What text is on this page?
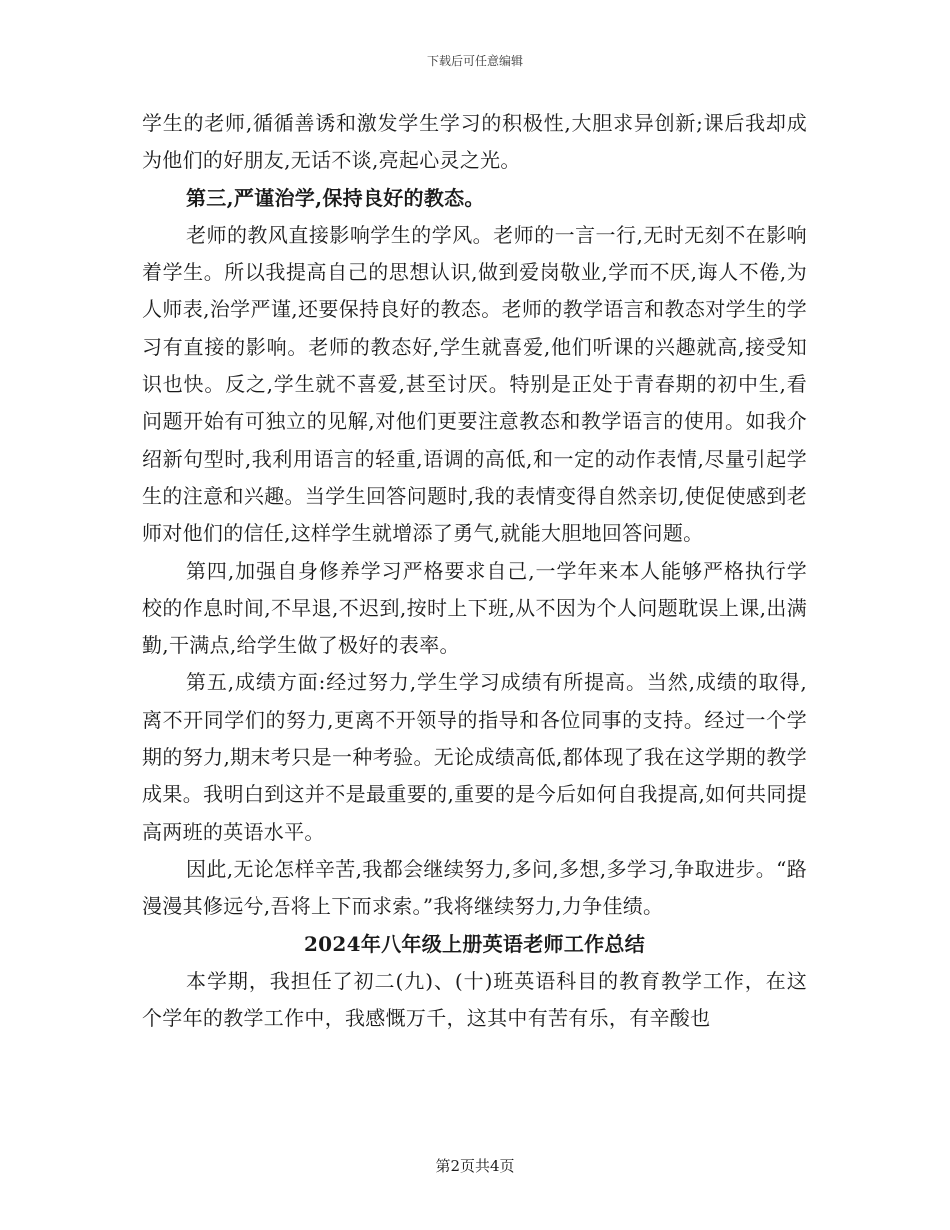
下载后可任意编辑

学生的老师,循循善诱和激发学生学习的积极性,大胆求异创新;课后我却成为他们的好朋友,无话不谈,亮起心灵之光。

第三,严谨治学,保持良好的教态。

老师的教风直接影响学生的学风。老师的一言一行,无时无刻不在影响着学生。所以我提高自己的思想认识,做到爱岗敬业,学而不厌,诲人不倦,为人师表,治学严谨,还要保持良好的教态。老师的教学语言和教态对学生的学习有直接的影响。老师的教态好,学生就喜爱,他们听课的兴趣就高,接受知识也快。反之,学生就不喜爱,甚至讨厌。特别是正处于青春期的初中生,看问题开始有可独立的见解,对他们更要注意教态和教学语言的使用。如我介绍新句型时,我利用语言的轻重,语调的高低,和一定的动作表情,尽量引起学生的注意和兴趣。当学生回答问题时,我的表情变得自然亲切,使促使感到老师对他们的信任,这样学生就增添了勇气,就能大胆地回答问题。

第四,加强自身修养学习严格要求自己,一学年来本人能够严格执行学校的作息时间,不早退,不迟到,按时上下班,从不因为个人问题耽误上课,出满勤,干满点,给学生做了极好的表率。

第五,成绩方面:经过努力,学生学习成绩有所提高。当然,成绩的取得,离不开同学们的努力,更离不开领导的指导和各位同事的支持。经过一个学期的努力,期末考只是一种考验。无论成绩高低,都体现了我在这学期的教学成果。我明白到这并不是最重要的,重要的是今后如何自我提高,如何共同提高两班的英语水平。

因此,无论怎样辛苦,我都会继续努力,多问,多想,多学习,争取进步。“路漫漫其修远兮,吾将上下而求索。”我将继续努力,力争佳绩。

2024年八年级上册英语老师工作总结

本学期，我担任了初二(九)、(十)班英语科目的教育教学工作，在这个学年的教学工作中，我感慨万千，这其中有苦有乐，有辛酸也

第2页共4页
